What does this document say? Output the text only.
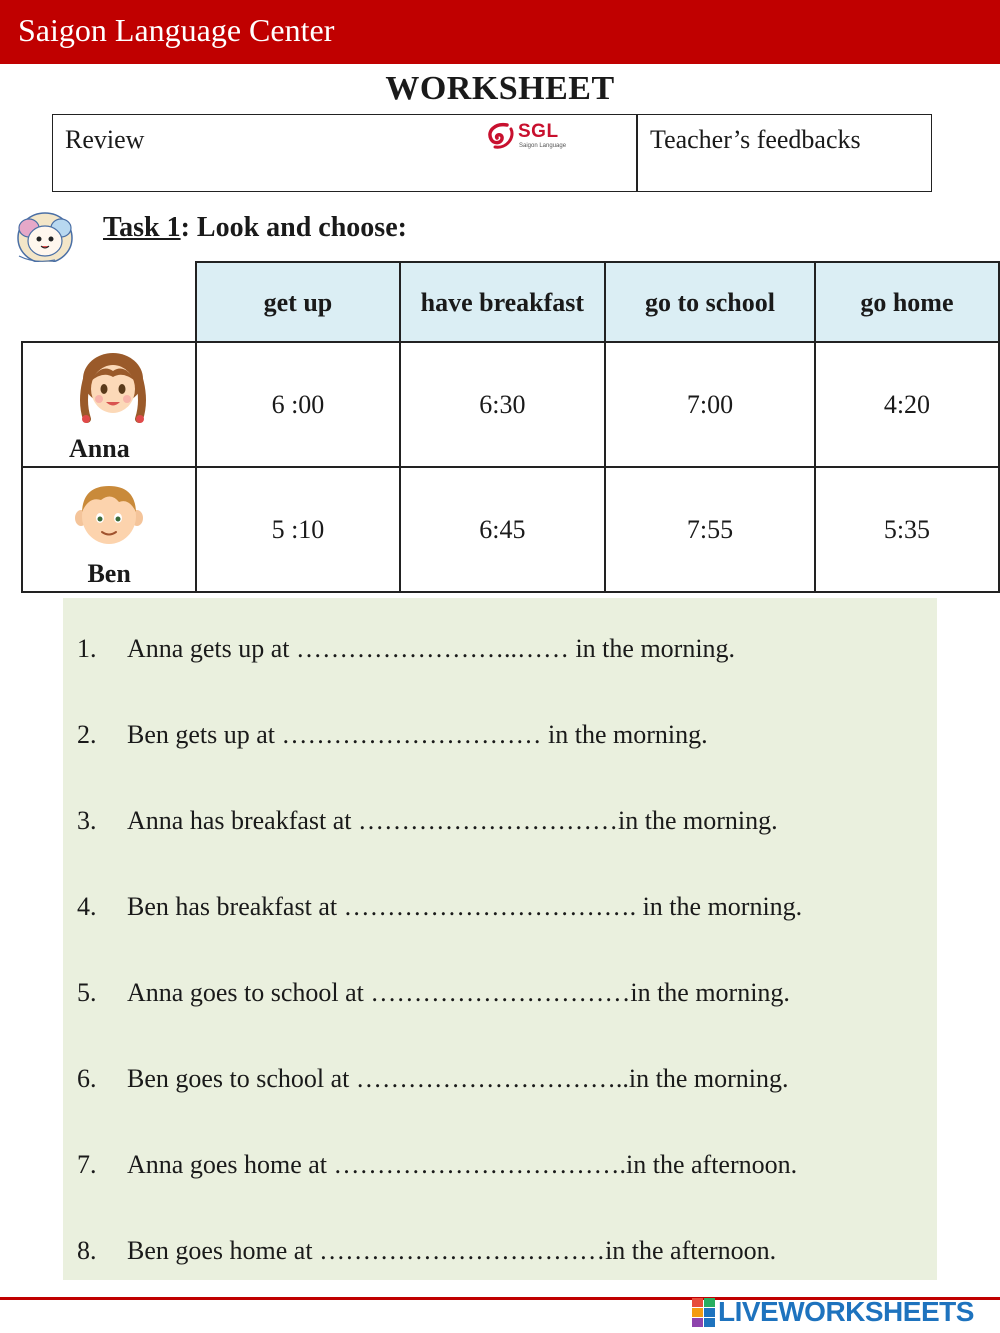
Saigon Language Center
WORKSHEET
Review	SGL
Saigon Language	Teacher’s feedbacks
Task 1: Look and choose:
	get up	have breakfast	go to school	go home

Anna	6 :00	6:30	7:00	4:20

Ben	5 :10	6:45	7:55	5:35
1. Anna gets up at ……………………..…… in the morning.
2. Ben gets up at ………………………… in the morning.
3. Anna has breakfast at …………………………in the morning.
4. Ben has breakfast at ……………………………. in the morning.
5. Anna goes to school at …………………………in the morning.
6. Ben goes to school at …………………………..in the morning.
7. Anna goes home at …………………………….in the afternoon.
8. Ben goes home at ……………………………in the afternoon.
LIVEWORKSHEETS
